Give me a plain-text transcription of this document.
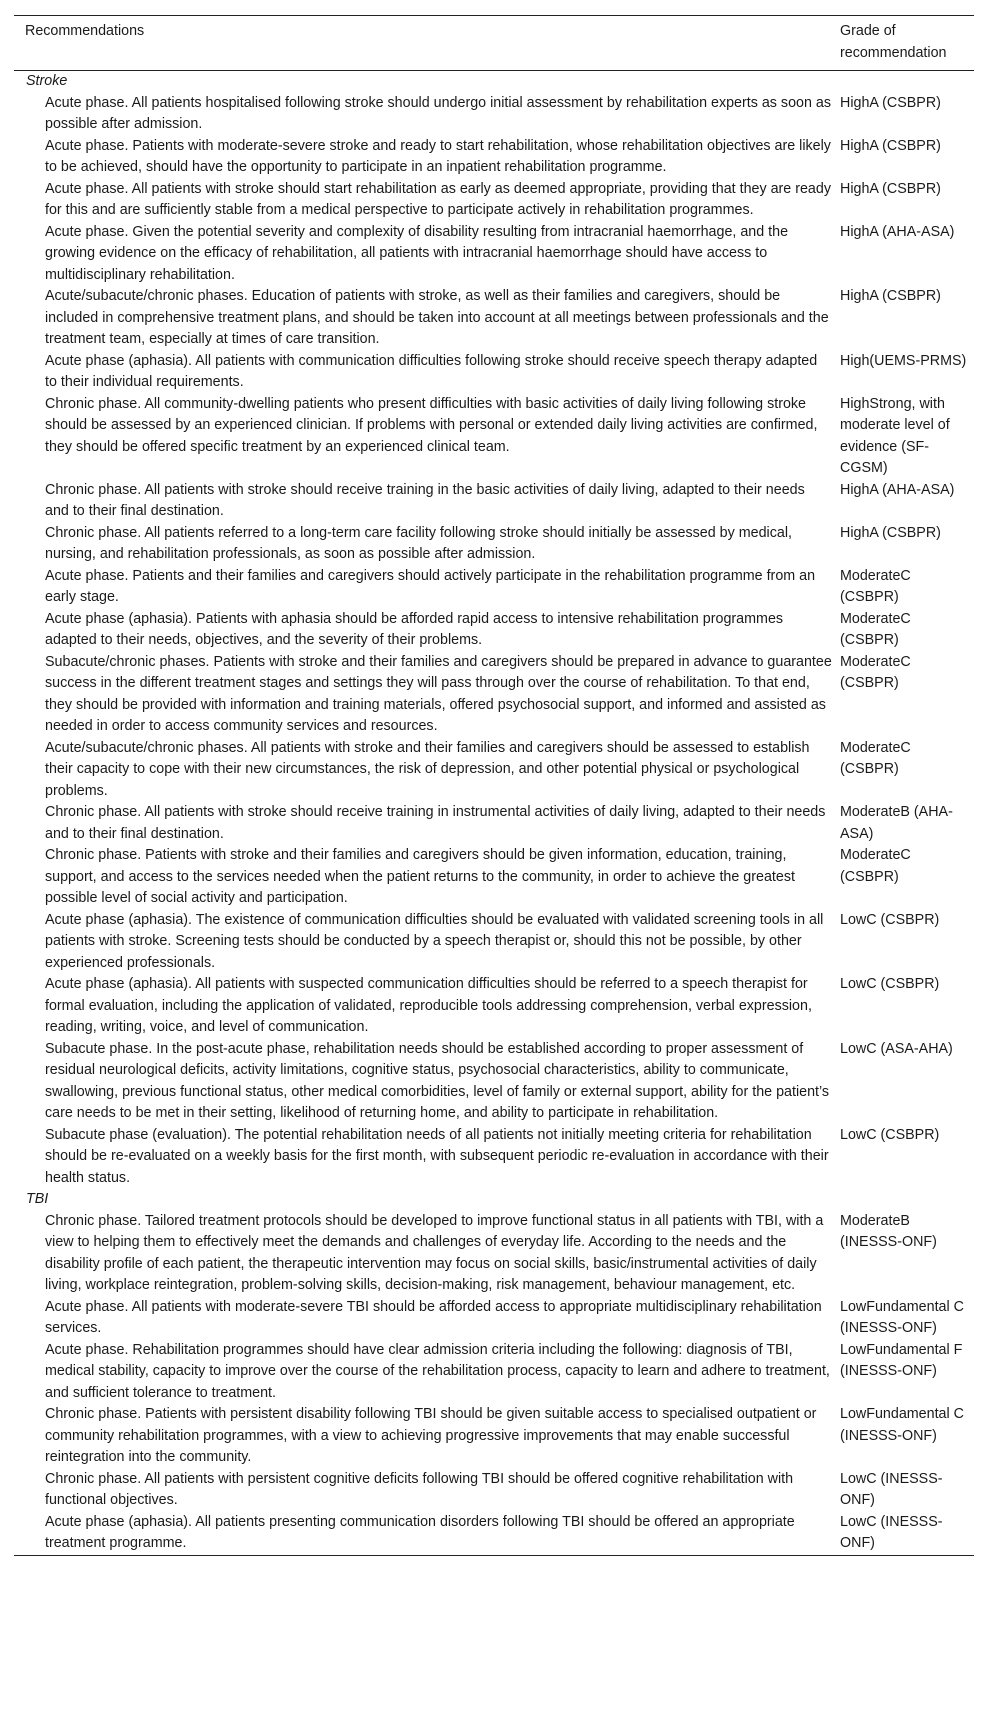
Recommendations	Grade of recommendation
Stroke	
Acute phase. All patients hospitalised following stroke should undergo initial assessment by rehabilitation experts as soon as possible after admission.	HighA (CSBPR)
Acute phase. Patients with moderate-severe stroke and ready to start rehabilitation, whose rehabilitation objectives are likely to be achieved, should have the opportunity to participate in an inpatient rehabilitation programme.	HighA (CSBPR)
Acute phase. All patients with stroke should start rehabilitation as early as deemed appropriate, providing that they are ready for this and are sufficiently stable from a medical perspective to participate actively in rehabilitation programmes.	HighA (CSBPR)
Acute phase. Given the potential severity and complexity of disability resulting from intracranial haemorrhage, and the growing evidence on the efficacy of rehabilitation, all patients with intracranial haemorrhage should have access to multidisciplinary rehabilitation.	HighA (AHA-ASA)
Acute/subacute/chronic phases. Education of patients with stroke, as well as their families and caregivers, should be included in comprehensive treatment plans, and should be taken into account at all meetings between professionals and the treatment team, especially at times of care transition.	HighA (CSBPR)
Acute phase (aphasia). All patients with communication difficulties following stroke should receive speech therapy adapted to their individual requirements.	High(UEMS-PRMS)
Chronic phase. All community-dwelling patients who present difficulties with basic activities of daily living following stroke should be assessed by an experienced clinician. If problems with personal or extended daily living activities are confirmed, they should be offered specific treatment by an experienced clinical team.	HighStrong, with moderate level of evidence (SF-CGSM)
Chronic phase. All patients with stroke should receive training in the basic activities of daily living, adapted to their needs and to their final destination.	HighA (AHA-ASA)
Chronic phase. All patients referred to a long-term care facility following stroke should initially be assessed by medical, nursing, and rehabilitation professionals, as soon as possible after admission.	HighA (CSBPR)
Acute phase. Patients and their families and caregivers should actively participate in the rehabilitation programme from an early stage.	ModerateC (CSBPR)
Acute phase (aphasia). Patients with aphasia should be afforded rapid access to intensive rehabilitation programmes adapted to their needs, objectives, and the severity of their problems.	ModerateC (CSBPR)
Subacute/chronic phases. Patients with stroke and their families and caregivers should be prepared in advance to guarantee success in the different treatment stages and settings they will pass through over the course of rehabilitation. To that end, they should be provided with information and training materials, offered psychosocial support, and informed and assisted as needed in order to access community services and resources.	ModerateC (CSBPR)
Acute/subacute/chronic phases. All patients with stroke and their families and caregivers should be assessed to establish their capacity to cope with their new circumstances, the risk of depression, and other potential physical or psychological problems.	ModerateC (CSBPR)
Chronic phase. All patients with stroke should receive training in instrumental activities of daily living, adapted to their needs and to their final destination.	ModerateB (AHA-ASA)
Chronic phase. Patients with stroke and their families and caregivers should be given information, education, training, support, and access to the services needed when the patient returns to the community, in order to achieve the greatest possible level of social activity and participation.	ModerateC (CSBPR)
Acute phase (aphasia). The existence of communication difficulties should be evaluated with validated screening tools in all patients with stroke. Screening tests should be conducted by a speech therapist or, should this not be possible, by other experienced professionals.	LowC (CSBPR)
Acute phase (aphasia). All patients with suspected communication difficulties should be referred to a speech therapist for formal evaluation, including the application of validated, reproducible tools addressing comprehension, verbal expression, reading, writing, voice, and level of communication.	LowC (CSBPR)
Subacute phase. In the post-acute phase, rehabilitation needs should be established according to proper assessment of residual neurological deficits, activity limitations, cognitive status, psychosocial characteristics, ability to communicate, swallowing, previous functional status, other medical comorbidities, level of family or external support, ability for the patient’s care needs to be met in their setting, likelihood of returning home, and ability to participate in rehabilitation.	LowC (ASA-AHA)
Subacute phase (evaluation). The potential rehabilitation needs of all patients not initially meeting criteria for rehabilitation should be re-evaluated on a weekly basis for the first month, with subsequent periodic re-evaluation in accordance with their health status.	LowC (CSBPR)
TBI	
Chronic phase. Tailored treatment protocols should be developed to improve functional status in all patients with TBI, with a view to helping them to effectively meet the demands and challenges of everyday life. According to the needs and the disability profile of each patient, the therapeutic intervention may focus on social skills, basic/instrumental activities of daily living, workplace reintegration, problem-solving skills, decision-making, risk management, behaviour management, etc.	ModerateB (INESSS-ONF)
Acute phase. All patients with moderate-severe TBI should be afforded access to appropriate multidisciplinary rehabilitation services.	LowFundamental C (INESSS-ONF)
Acute phase. Rehabilitation programmes should have clear admission criteria including the following: diagnosis of TBI, medical stability, capacity to improve over the course of the rehabilitation process, capacity to learn and adhere to treatment, and sufficient tolerance to treatment.	LowFundamental F (INESSS-ONF)
Chronic phase. Patients with persistent disability following TBI should be given suitable access to specialised outpatient or community rehabilitation programmes, with a view to achieving progressive improvements that may enable successful reintegration into the community.	LowFundamental C (INESSS-ONF)
Chronic phase. All patients with persistent cognitive deficits following TBI should be offered cognitive rehabilitation with functional objectives.	LowC (INESSS-ONF)
Acute phase (aphasia). All patients presenting communication disorders following TBI should be offered an appropriate treatment programme.	LowC (INESSS-ONF)
